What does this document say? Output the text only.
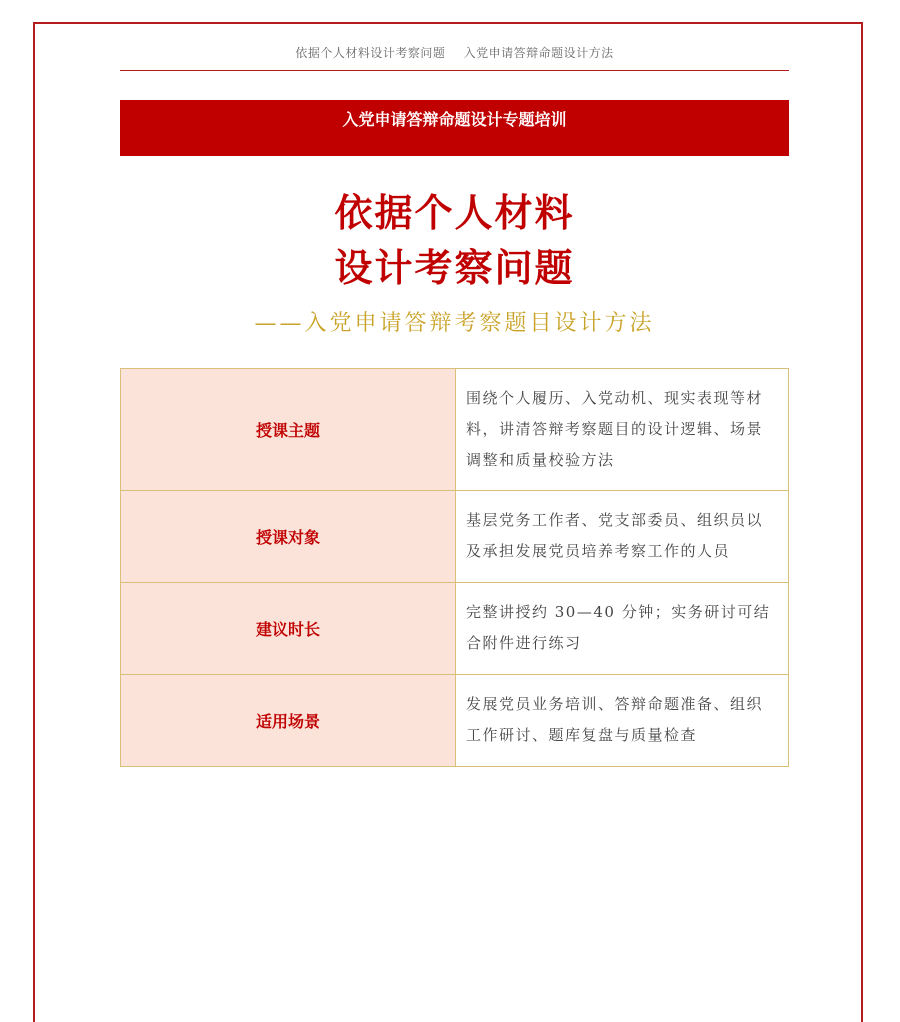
依据个人材料设计考察问题 入党申请答辩命题设计方法
入党申请答辩命题设计专题培训
依据个人材料
设计考察问题
——入党申请答辩考察题目设计方法
授课主题	围绕个人履历、入党动机、现实表现等材料，讲清答辩考察题目的设计逻辑、场景调整和质量校验方法
授课对象	基层党务工作者、党支部委员、组织员以及承担发展党员培养考察工作的人员
建议时长	完整讲授约 30—40 分钟；实务研讨可结合附件进行练习
适用场景	发展党员业务培训、答辩命题准备、组织工作研讨、题库复盘与质量检查
